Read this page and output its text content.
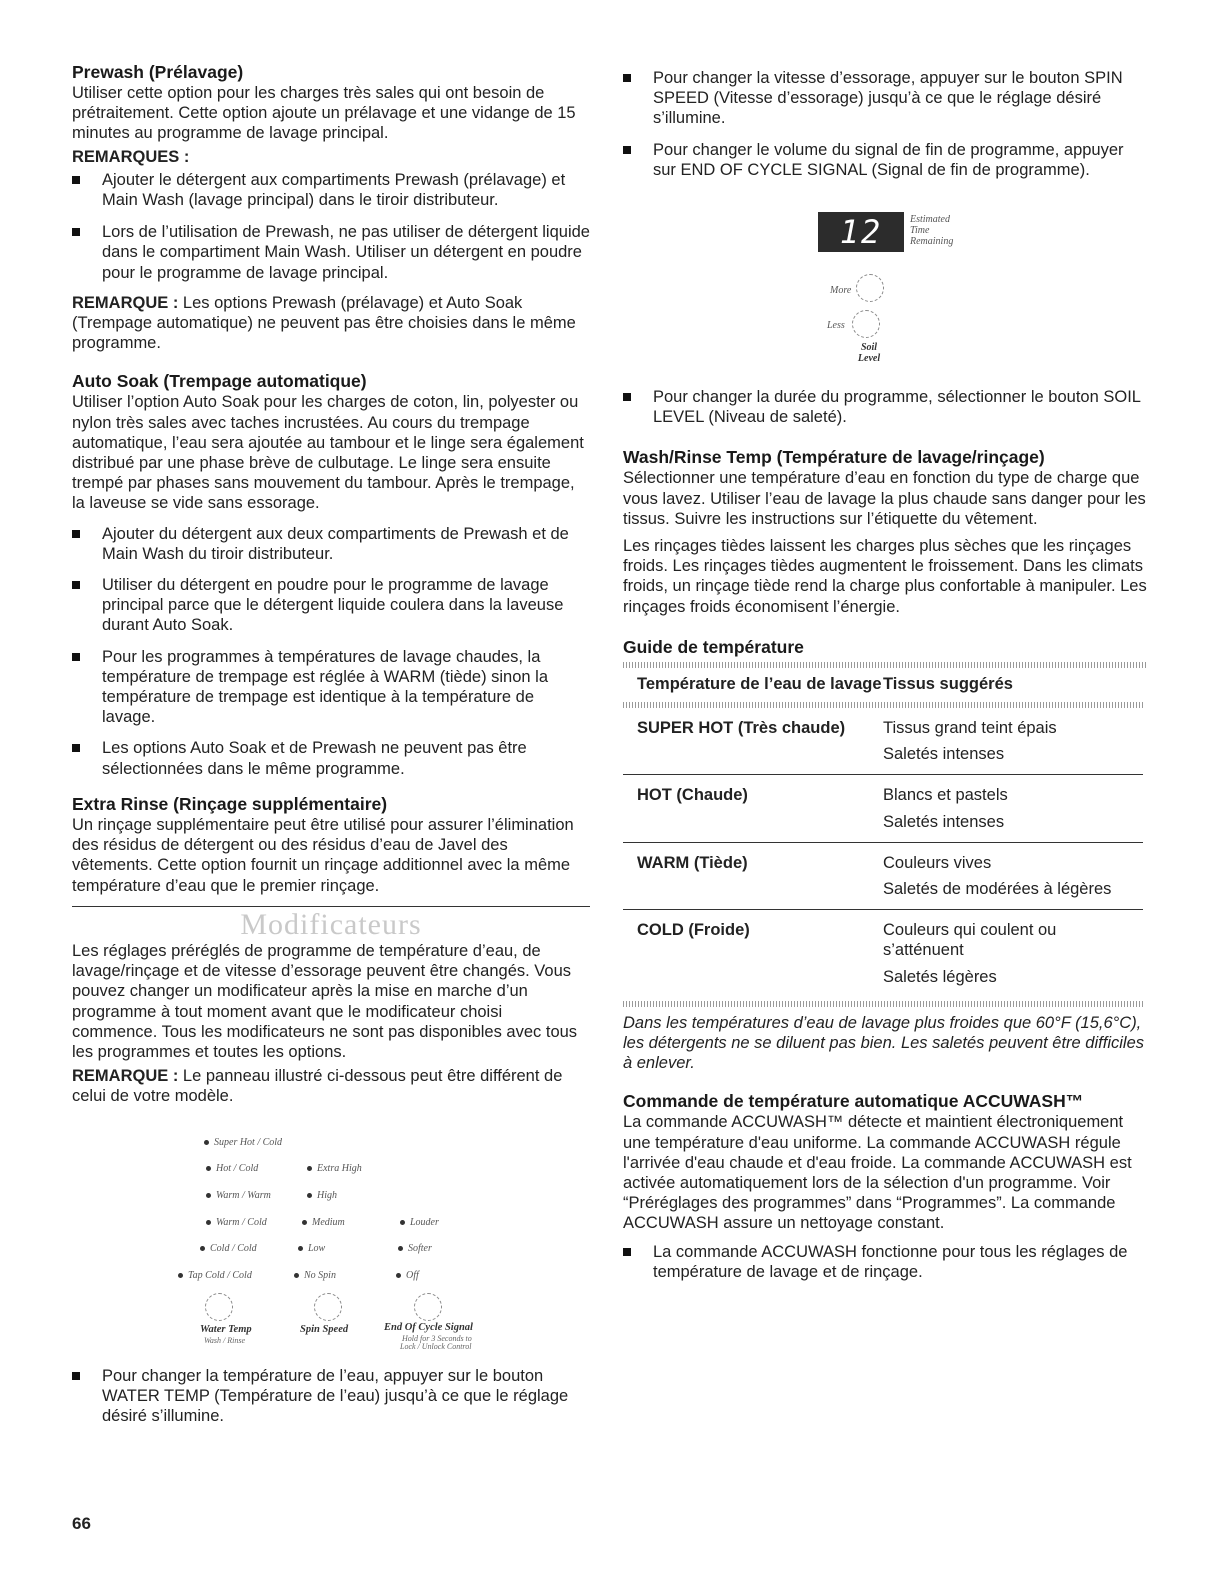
Prewash (Prélavage)

Utiliser cette option pour les charges très sales qui ont besoin de prétraitement. Cette option ajoute un prélavage et une vidange de 15 minutes au programme de lavage principal.

REMARQUES :

Ajouter le détergent aux compartiments Prewash (prélavage) et Main Wash (lavage principal) dans le tiroir distributeur.
Lors de l’utilisation de Prewash, ne pas utiliser de détergent liquide dans le compartiment Main Wash. Utiliser un détergent en poudre pour le programme de lavage principal.

REMARQUE : Les options Prewash (prélavage) et Auto Soak (Trempage automatique) ne peuvent pas être choisies dans le même programme.

Auto Soak (Trempage automatique)

Utiliser l’option Auto Soak pour les charges de coton, lin, polyester ou nylon très sales avec taches incrustées. Au cours du trempage automatique, l’eau sera ajoutée au tambour et le linge sera également distribué par une phase brève de culbutage. Le linge sera ensuite trempé par phases sans mouvement du tambour. Après le trempage, la laveuse se vide sans essorage.

Ajouter du détergent aux deux compartiments de Prewash et de Main Wash du tiroir distributeur.
Utiliser du détergent en poudre pour le programme de lavage principal parce que le détergent liquide coulera dans la laveuse durant Auto Soak.
Pour les programmes à températures de lavage chaudes, la température de trempage est réglée à WARM (tiède) sinon la température de trempage est identique à la température de lavage.
Les options Auto Soak et de Prewash ne peuvent pas être sélectionnées dans le même programme.
Extra Rinse (Rinçage supplémentaire)

Un rinçage supplémentaire peut être utilisé pour assurer l’élimination des résidus de détergent ou des résidus d’eau de Javel des vêtements. Cette option fournit un rinçage additionnel avec la même température d’eau que le premier rinçage.

Modificateurs

Les réglages préréglés de programme de température d’eau, de lavage/rinçage et de vitesse d’essorage peuvent être changés. Vous pouvez changer un modificateur après la mise en marche d’un programme à tout moment avant que le modificateur choisi commence. Tous les modificateurs ne sont pas disponibles avec tous les programmes et toutes les options.

REMARQUE : Le panneau illustré ci-dessous peut être différent de celui de votre modèle.

Super Hot / Cold
Hot / Cold
Warm / Warm
Warm / Cold
Cold / Cold
Tap Cold / Cold
Extra High
High
Medium
Low
No Spin
Louder
Softer
Off
Water Temp
Wash / Rinse
Spin Speed	End Of Cycle Signal
Hold for 3 Seconds to
Lock / Unlock Control
Pour changer la température de l’eau, appuyer sur le bouton WATER TEMP (Température de l’eau) jusqu’à ce que le réglage désiré s’illumine.
Pour changer la vitesse d’essorage, appuyer sur le bouton SPIN SPEED (Vitesse d’essorage) jusqu’à ce que le réglage désiré s’illumine.
Pour changer le volume du signal de fin de programme, appuyer sur END OF CYCLE SIGNAL (Signal de fin de programme).
12	Estimated
Time
Remaining
More
Less
Soil
Level
Pour changer la durée du programme, sélectionner le bouton SOIL LEVEL (Niveau de saleté).
Wash/Rinse Temp (Température de lavage/rinçage)

Sélectionner une température d’eau en fonction du type de charge que vous lavez. Utiliser l’eau de lavage la plus chaude sans danger pour les tissus. Suivre les instructions sur l’étiquette du vêtement.

Les rinçages tièdes laissent les charges plus sèches que les rinçages froids. Les rinçages tièdes augmentent le froissement. Dans les climats froids, un rinçage tiède rend la charge plus confortable à manipuler. Les rinçages froids économisent l’énergie.

Guide de température
Température de l’eau de lavage	Tissus suggérés

SUPER HOT (Très chaude)	Tissus grand teint épais
Saletés intenses

HOT (Chaude)	Blancs et pastels
Saletés intenses

WARM (Tiède)	Couleurs vives
Saletés de modérées à légères

COLD (Froide)	Couleurs qui coulent ou s’atténuent
Saletés légères

Dans les températures d’eau de lavage plus froides que 60°F (15,6°C), les détergents ne se diluent pas bien. Les saletés peuvent être difficiles à enlever.

Commande de température automatique ACCUWASH™

La commande ACCUWASH™ détecte et maintient électroniquement une température d'eau uniforme. La commande ACCUWASH régule l'arrivée d'eau chaude et d'eau froide. La commande ACCUWASH est activée automatiquement lors de la sélection d'un programme. Voir “Préréglages des programmes” dans “Programmes”. La commande ACCUWASH assure un nettoyage constant.

La commande ACCUWASH fonctionne pour tous les réglages de température de lavage et de rinçage.
66
